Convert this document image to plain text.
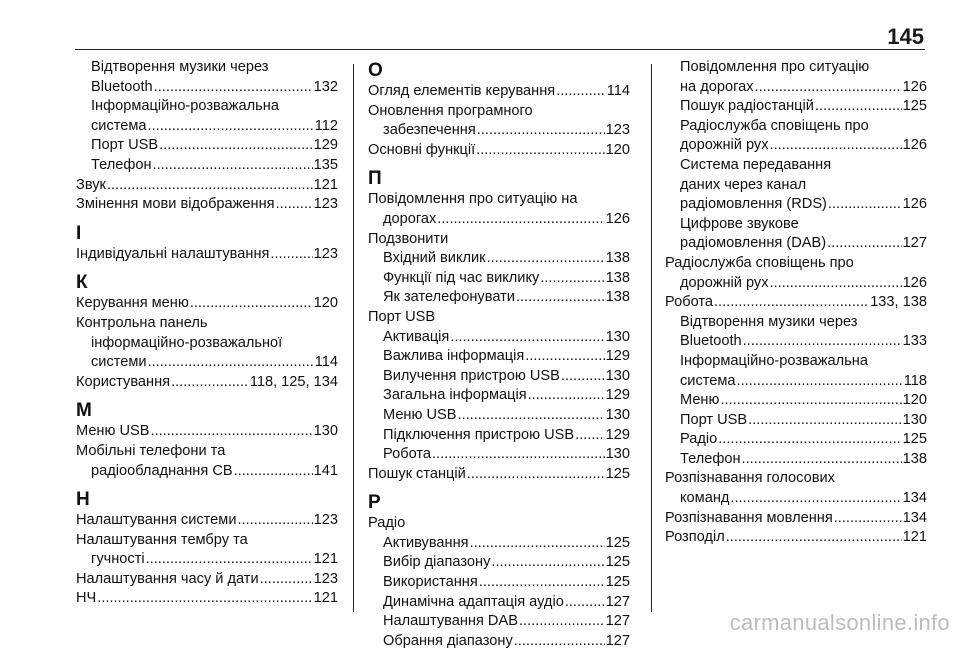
145
Відтворення музики через
Bluetooth .....	132
Інформаційно-розважальна
система .....	112
Порт USB .....	129
Телефон .....	135
Звук .....	121
Змінення мови відображення .....	123
І
Індивідуальні налаштування .....	123
К
Керування меню .....	120
Контрольна панель
інформаційно-розважальної
системи .....	114
Користування .....	118, 125, 134
М
Меню USB .....	130
Мобільні телефони та
радіообладнання CB .....	141
Н
Налаштування системи .....	123
Налаштування тембру та
гучності .....	121
Налаштування часу й дати .....	123
НЧ .....	121
О
Огляд елементів керування .....	114
Оновлення програмного
забезпечення .....	123
Основні функції .....	120
П
Повідомлення про ситуацію на
дорогах .....	126
Подзвонити
Вхідний виклик .....	138
Функції під час виклику .....	138
Як зателефонувати .....	138
Порт USB
Активація .....	130
Важлива інформація .....	129
Вилучення пристрою USB .....	130
Загальна інформація .....	129
Меню USB .....	130
Підключення пристрою USB ..... 129
Робота .....	130
Пошук станцій .....	125
Р
Радіо
Активування .....	125
Вибір діапазону .....	125
Використання .....	125
Динамічна адаптація аудіо .....	127
Налаштування DAB .....	127
Обрання діапазону .....	127
Повідомлення про ситуацію
на дорогах .....	126
Пошук радіостанцій .....	125
Радіослужба сповіщень про
дорожній рух .....	126
Система передавання
даних через канал
радіомовлення (RDS) .....	126
Цифрове звукове
радіомовлення (DAB) .....	127
Радіослужба сповіщень про
дорожній рух .....	126
Робота .....	133, 138
Відтворення музики через
Bluetooth .....	133
Інформаційно-розважальна
система .....	118
Меню .....	120
Порт USB .....	130
Радіо .....	125
Телефон .....	138
Розпізнавання голосових
команд .....	134
Розпізнавання мовлення .....	134
Розподіл .....	121
carmanualsonline.info
